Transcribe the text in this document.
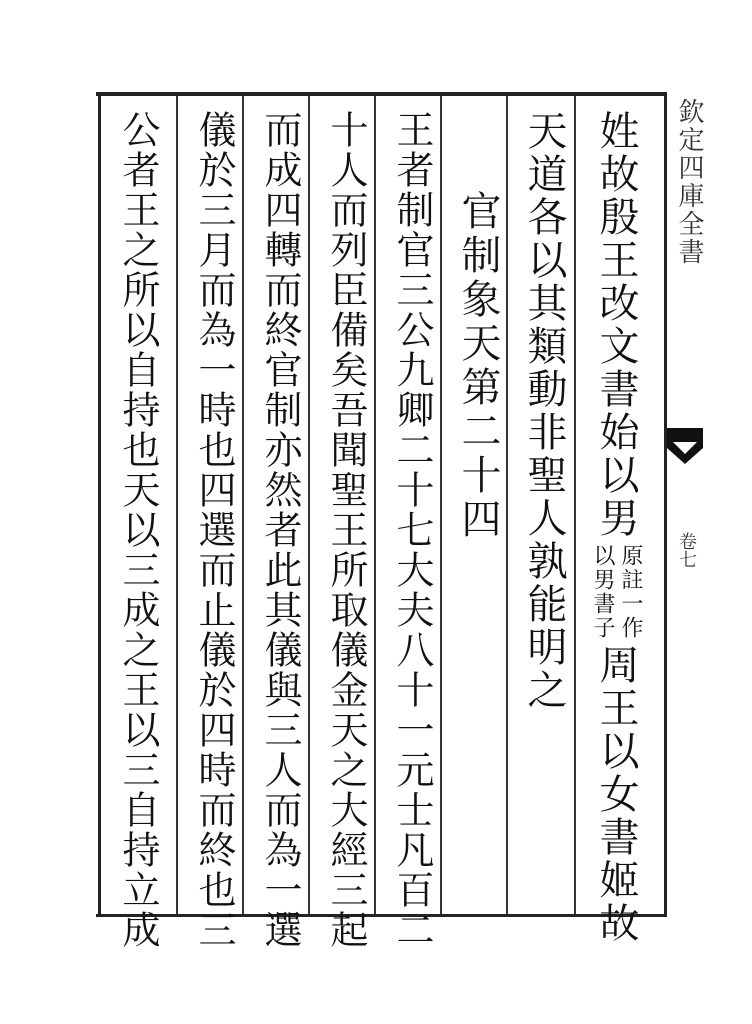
姓故殷王改文書始以男
原註一作
以男書子
周王以女書姬故
天道各以其類動非聖人孰能明之
官制象天第二十四
王者制官三公九卿二十七大夫八十一元士凡百二
十人而列臣備矣吾聞聖王所取儀金天之大經三起
而成四轉而終官制亦然者此其儀與三人而為一選
儀於三月而為一時也四選而止儀於四時而終也三
公者王之所以自持也天以三成之王以三自持立成	欽定四庫全書
卷七
